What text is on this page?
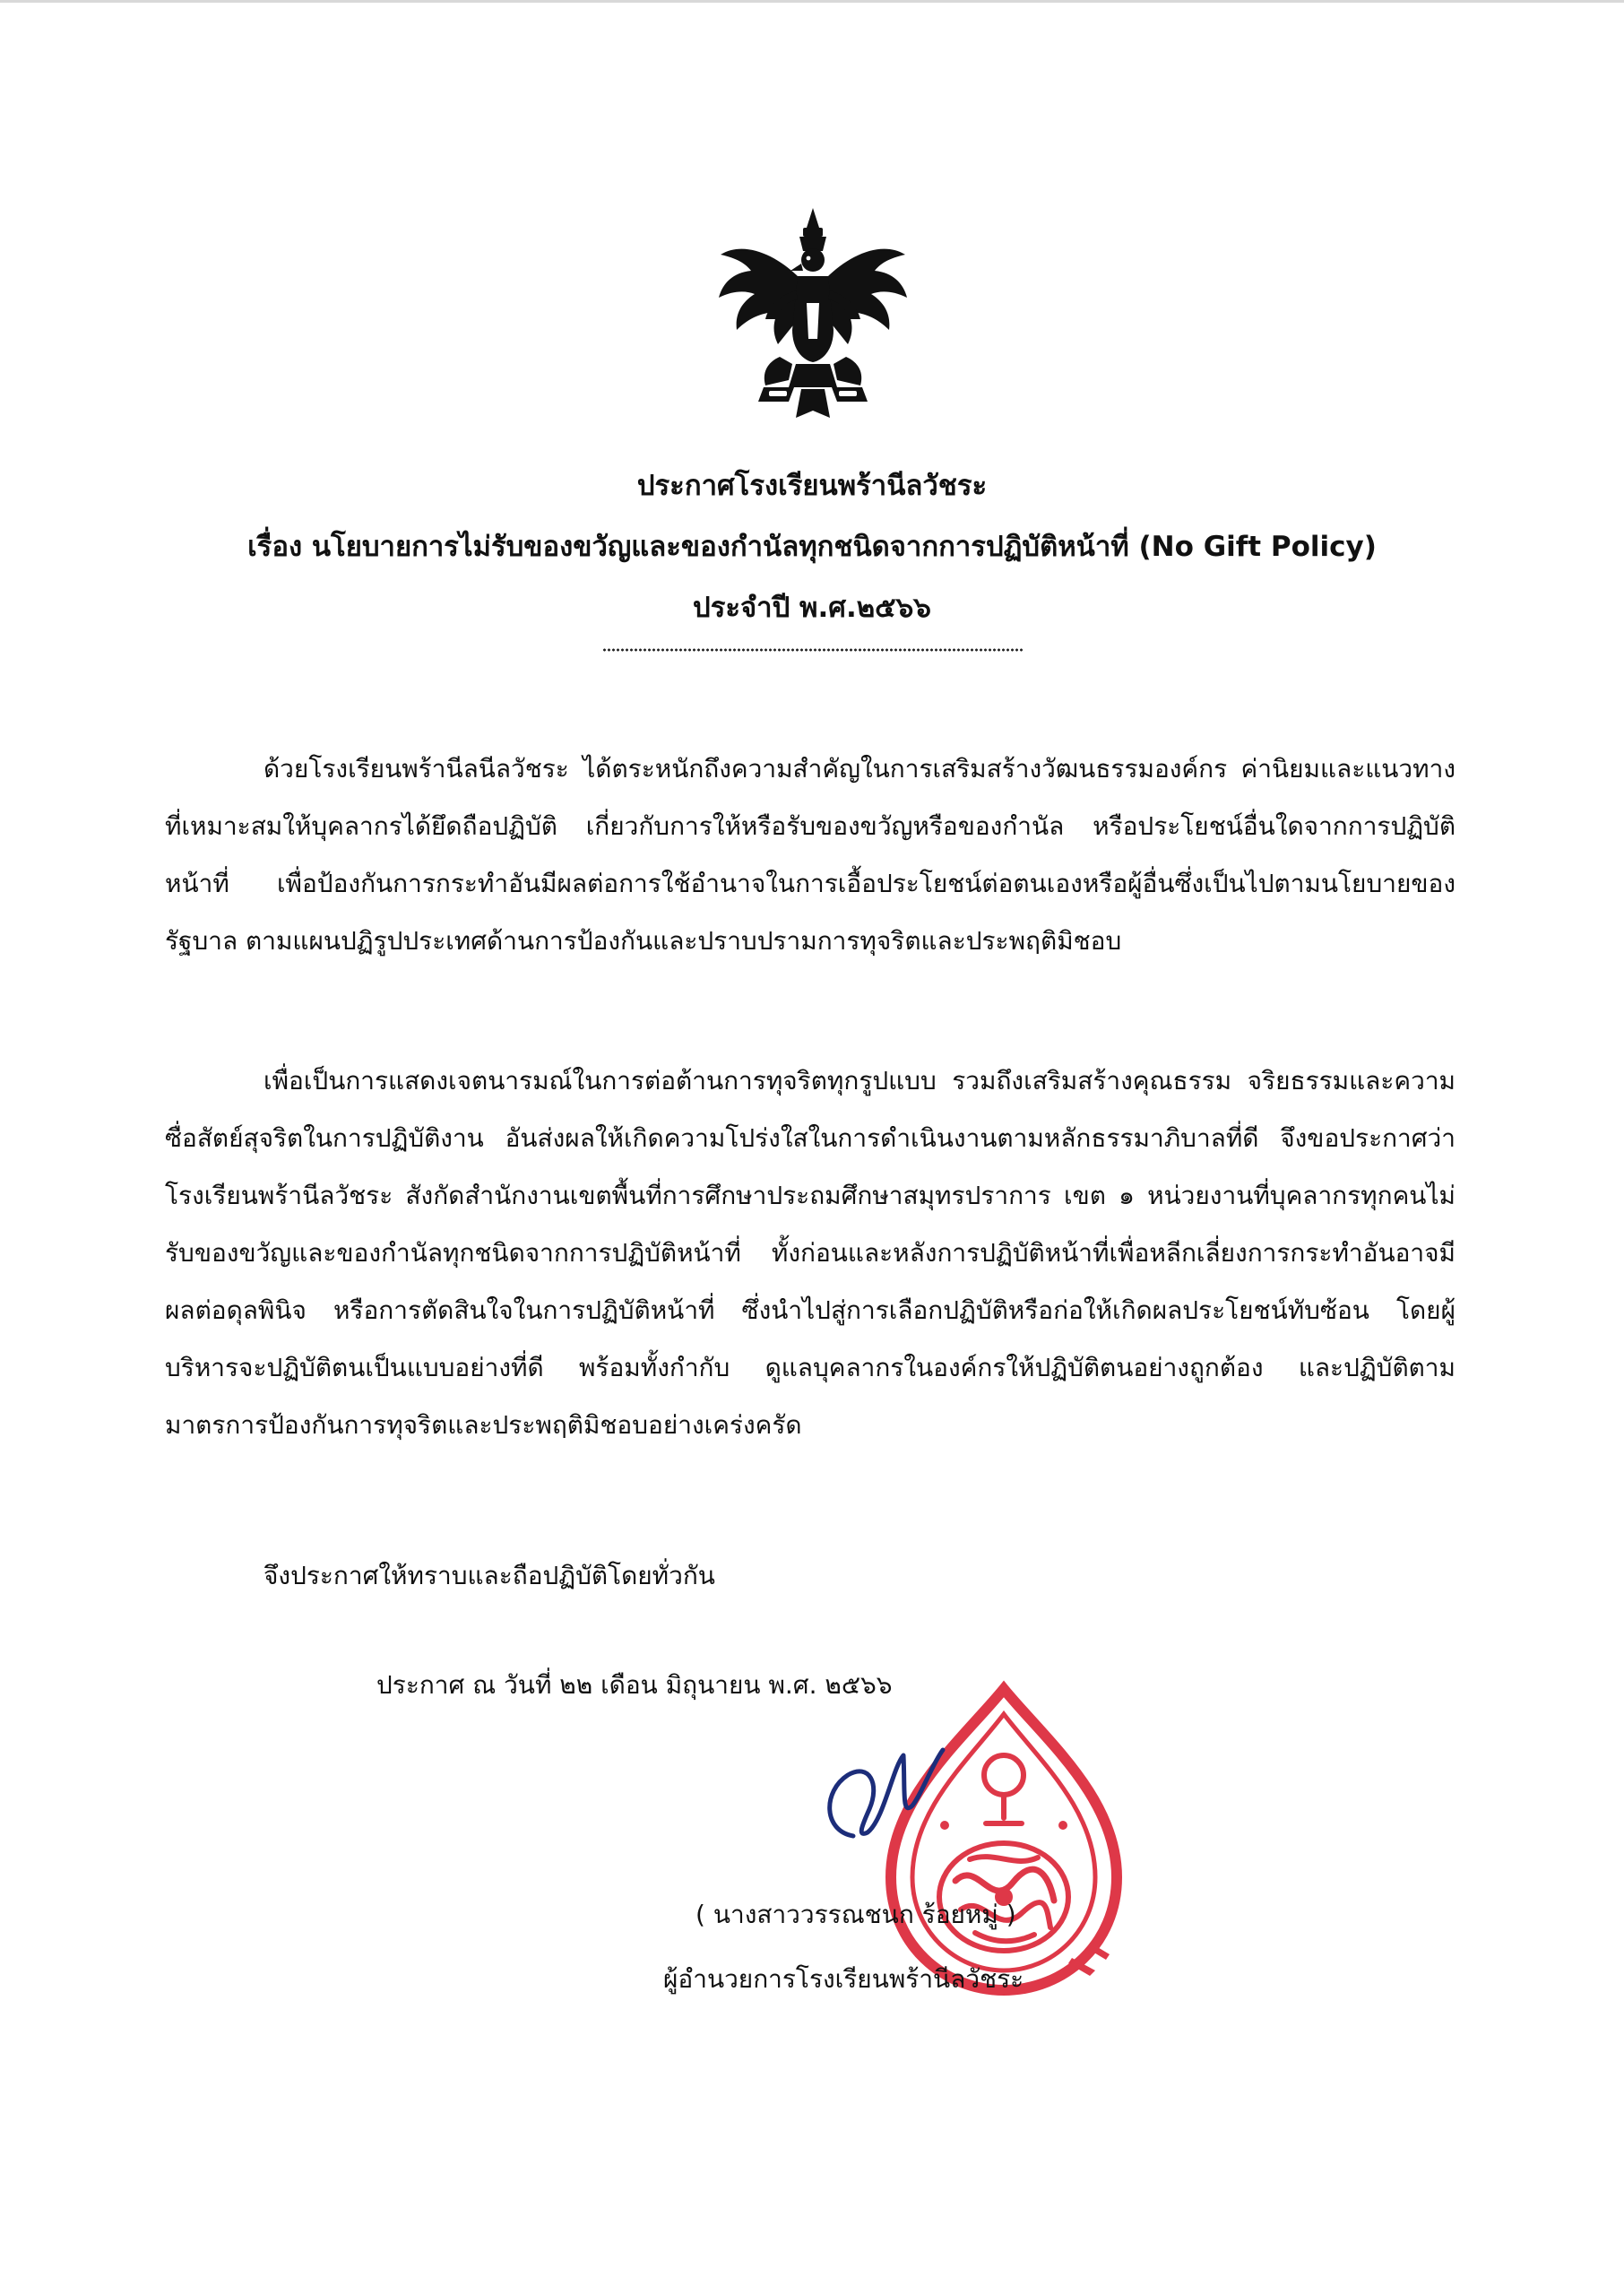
ประกาศโรงเรียนพร้านีลวัชระ
เรื่อง นโยบายการไม่รับของขวัญและของกำนัลทุกชนิดจากการปฏิบัติหน้าที่ (No Gift Policy)
ประจำปี พ.ศ.๒๕๖๖

ด้วยโรงเรียนพร้านีลนีลวัชระ ได้ตระหนักถึงความสำคัญในการเสริมสร้างวัฒนธรรมองค์กร ค่านิยมและแนวทางที่เหมาะสมให้บุคลากรได้ยึดถือปฏิบัติ เกี่ยวกับการให้หรือรับของขวัญหรือของกำนัล หรือประโยชน์อื่นใดจากการปฏิบัติหน้าที่ เพื่อป้องกันการกระทำอันมีผลต่อการใช้อำนาจในการเอื้อประโยชน์ต่อตนเองหรือผู้อื่นซึ่งเป็นไปตามนโยบายของรัฐบาล ตามแผนปฏิรูปประเทศด้านการป้องกันและปราบปรามการทุจริตและประพฤติมิชอบ

เพื่อเป็นการแสดงเจตนารมณ์ในการต่อต้านการทุจริตทุกรูปแบบ รวมถึงเสริมสร้างคุณธรรม จริยธรรมและความซื่อสัตย์สุจริตในการปฏิบัติงาน อันส่งผลให้เกิดความโปร่งใสในการดำเนินงานตามหลักธรรมาภิบาลที่ดี จึงขอประกาศว่า โรงเรียนพร้านีลวัชระ สังกัดสำนักงานเขตพื้นที่การศึกษาประถมศึกษาสมุทรปราการ เขต ๑ หน่วยงานที่บุคลากรทุกคนไม่รับของขวัญและของกำนัลทุกชนิดจากการปฏิบัติหน้าที่ ทั้งก่อนและหลังการปฏิบัติหน้าที่เพื่อหลีกเลี่ยงการกระทำอันอาจมีผลต่อดุลพินิจ หรือการตัดสินใจในการปฏิบัติหน้าที่ ซึ่งนำไปสู่การเลือกปฏิบัติหรือก่อให้เกิดผลประโยชน์ทับซ้อน โดยผู้บริหารจะปฏิบัติตนเป็นแบบอย่างที่ดี พร้อมทั้งกำกับ ดูแลบุคลากรในองค์กรให้ปฏิบัติตนอย่างถูกต้อง และปฏิบัติตามมาตรการป้องกันการทุจริตและประพฤติมิชอบอย่างเคร่งครัด

จึงประกาศให้ทราบและถือปฏิบัติโดยทั่วกัน
ประกาศ ณ วันที่ ๒๒ เดือน มิถุนายน พ.ศ. ๒๕๖๖
( นางสาววรรณชนก ร้อยหมู่ )
ผู้อำนวยการโรงเรียนพร้านีลวัชระ
